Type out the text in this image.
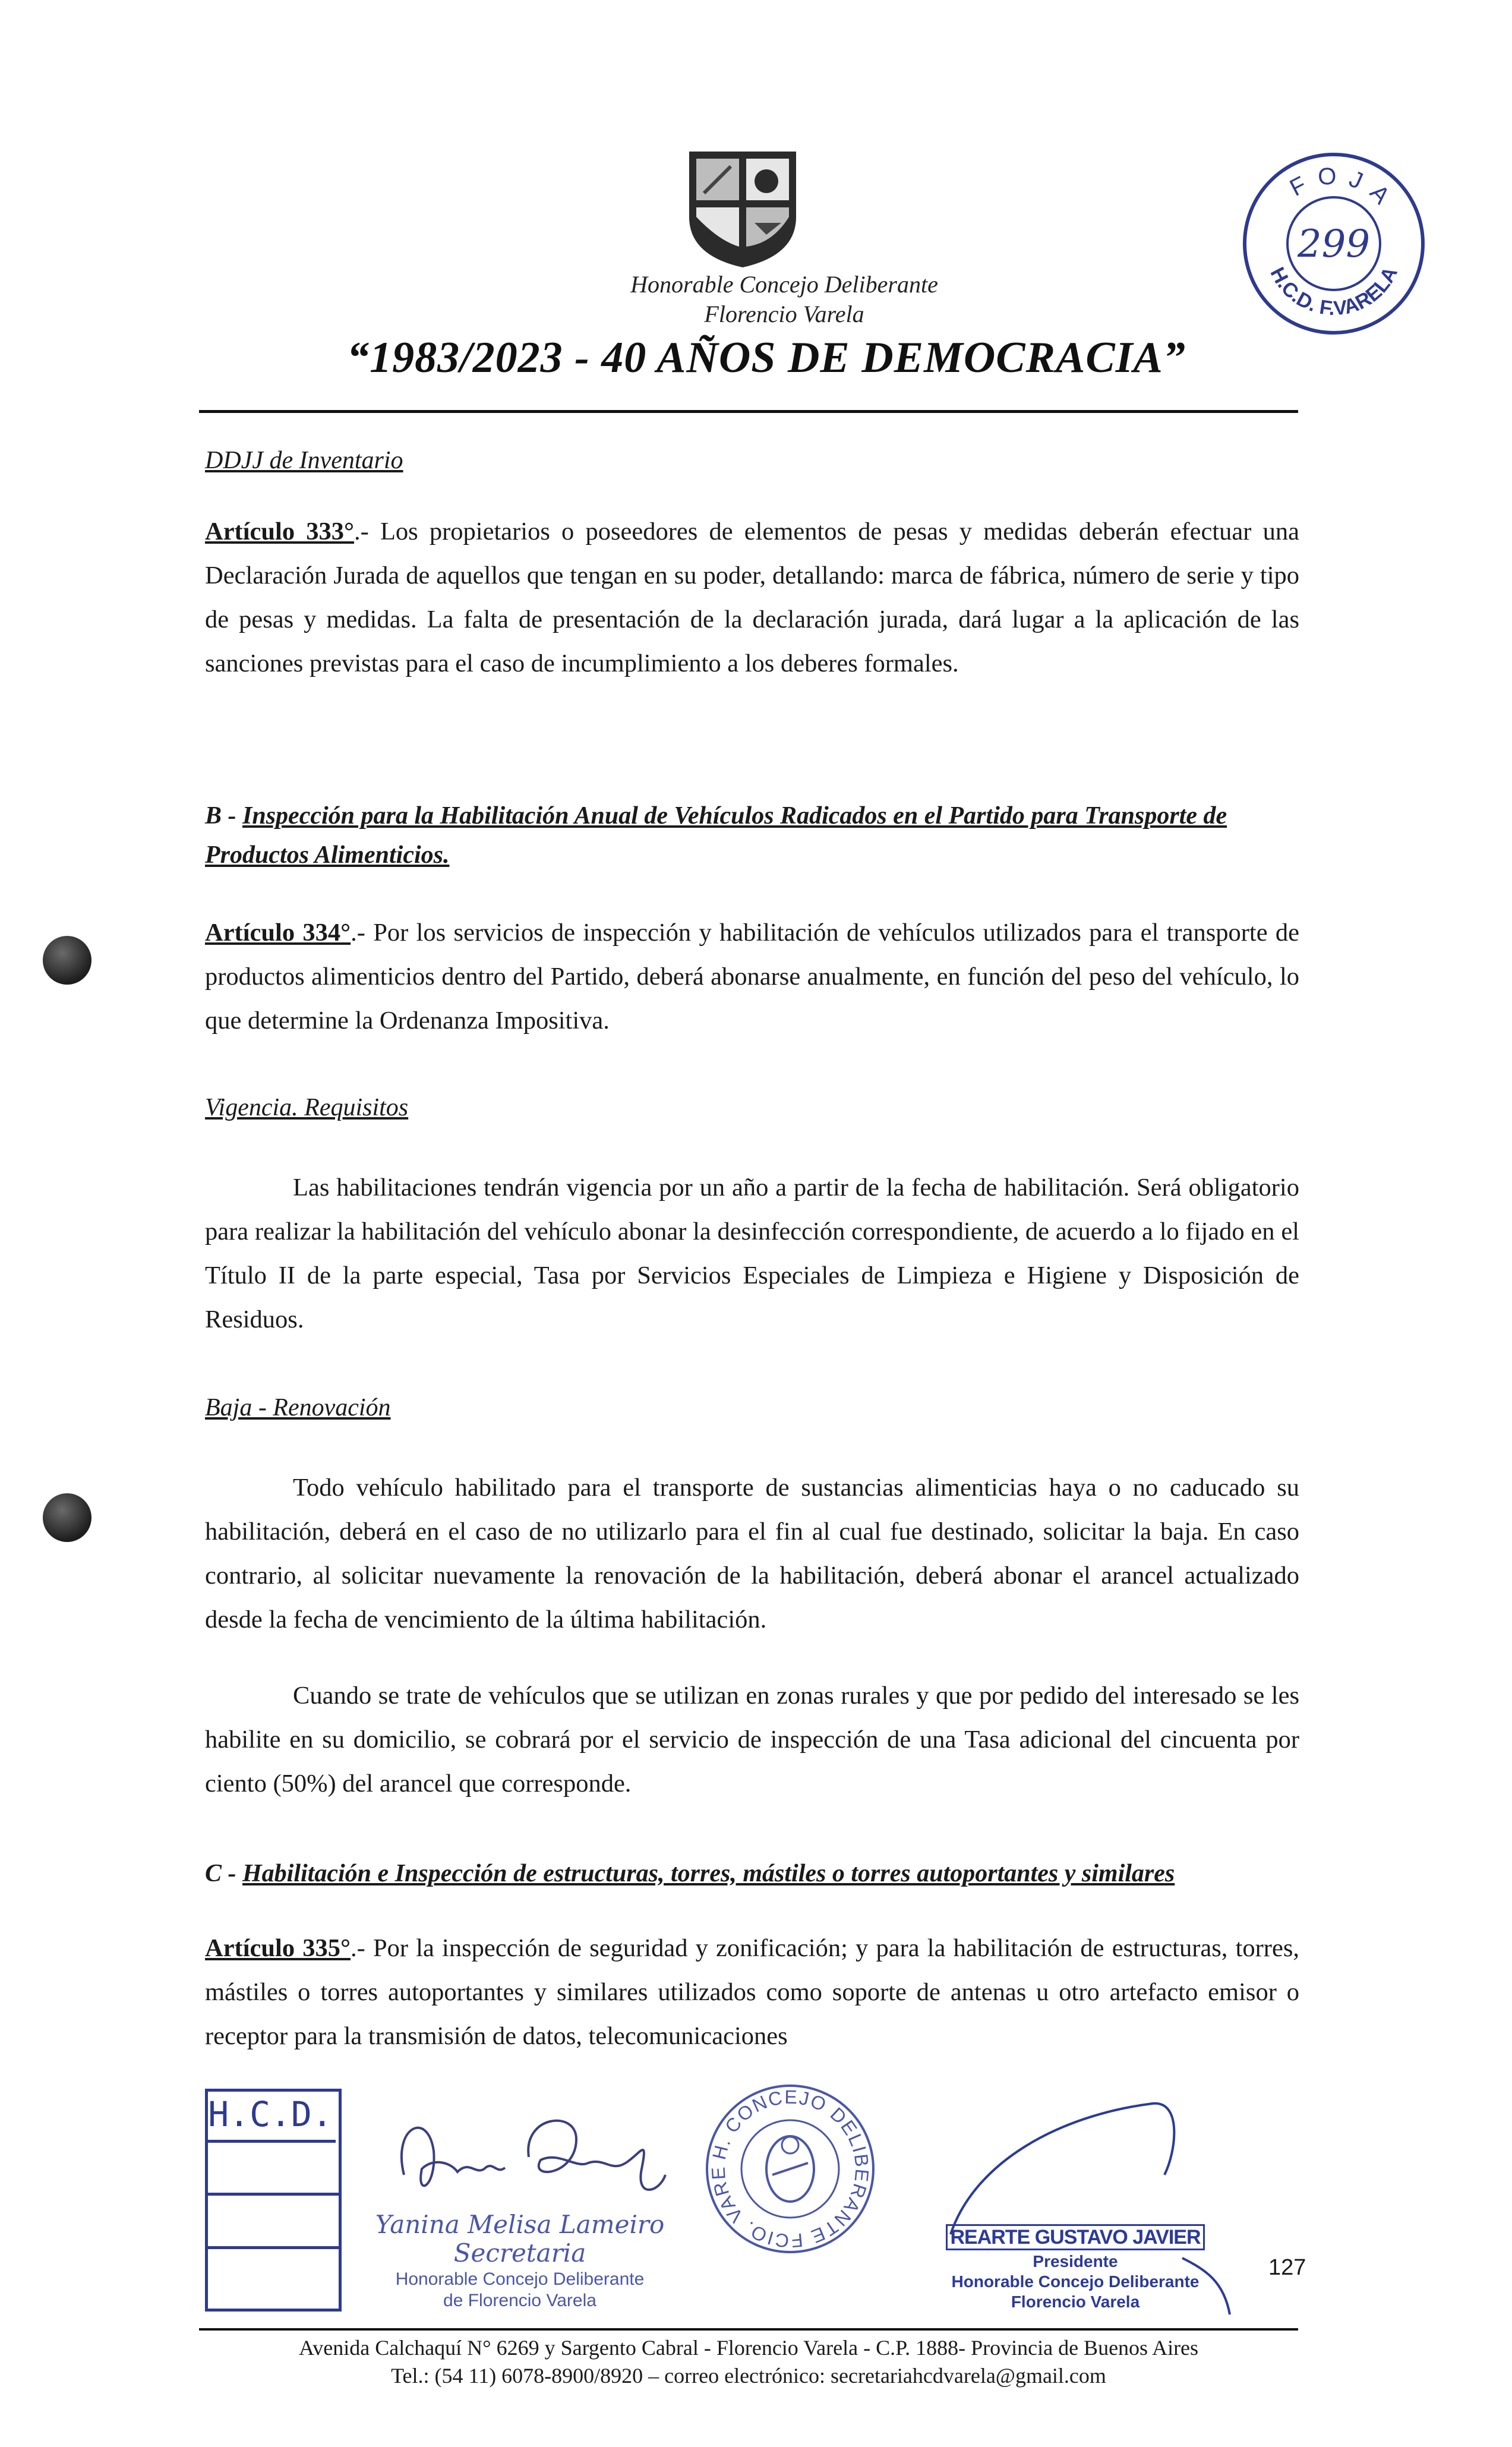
Honorable Concejo Deliberante
Florencio Varela
“1983/2023 - 40 AÑOS DE DEMOCRACIA”
FOJA
H.C.D. F.VARELA
299

DDJJ de Inventario

Artículo 333°.- Los propietarios o poseedores de elementos de pesas y medidas deberán efectuar una Declaración Jurada de aquellos que tengan en su poder, detallando: marca de fábrica, número de serie y tipo de pesas y medidas. La falta de presentación de la declaración jurada, dará lugar a la aplicación de las sanciones previstas para el caso de incumplimiento a los deberes formales.

B - Inspección para la Habilitación Anual de Vehículos Radicados en el Partido para Transporte de Productos Alimenticios.

Artículo 334°.- Por los servicios de inspección y habilitación de vehículos utilizados para el transporte de productos alimenticios dentro del Partido, deberá abonarse anualmente, en función del peso del vehículo, lo que determine la Ordenanza Impositiva.

Vigencia. Requisitos

Las habilitaciones tendrán vigencia por un año a partir de la fecha de habilitación. Será obligatorio para realizar la habilitación del vehículo abonar la desinfección correspondiente, de acuerdo a lo fijado en el Título II de la parte especial, Tasa por Servicios Especiales de Limpieza e Higiene y Disposición de Residuos.

Baja - Renovación

Todo vehículo habilitado para el transporte de sustancias alimenticias haya o no caducado su habilitación, deberá en el caso de no utilizarlo para el fin al cual fue destinado, solicitar la baja. En caso contrario, al solicitar nuevamente la renovación de la habilitación, deberá abonar el arancel actualizado desde la fecha de vencimiento de la última habilitación.

Cuando se trate de vehículos que se utilizan en zonas rurales y que por pedido del interesado se les habilite en su domicilio, se cobrará por el servicio de inspección de una Tasa adicional del cincuenta por ciento (50%) del arancel que corresponde.

C - Habilitación e Inspección de estructuras, torres, mástiles o torres autoportantes y similares

Artículo 335°.- Por la inspección de seguridad y zonificación; y para la habilitación de estructuras, torres, mástiles o torres autoportantes y similares utilizados como soporte de antenas u otro artefacto emisor o receptor para la transmisión de datos, telecomunicaciones

H.C.D.
Yanina Melisa Lameiro
Secretaria
Honorable Concejo Deliberante
de Florencio Varela
H. CONCEJO DELIBERANTE FCIO. VARE
REARTE GUSTAVO JAVIER
Presidente
Honorable Concejo Deliberante
Florencio Varela
127
Avenida Calchaquí N° 6269 y Sargento Cabral - Florencio Varela - C.P. 1888- Provincia de Buenos Aires
Tel.: (54 11) 6078-8900/8920 – correo electrónico: secretariahcdvarela@gmail.com
